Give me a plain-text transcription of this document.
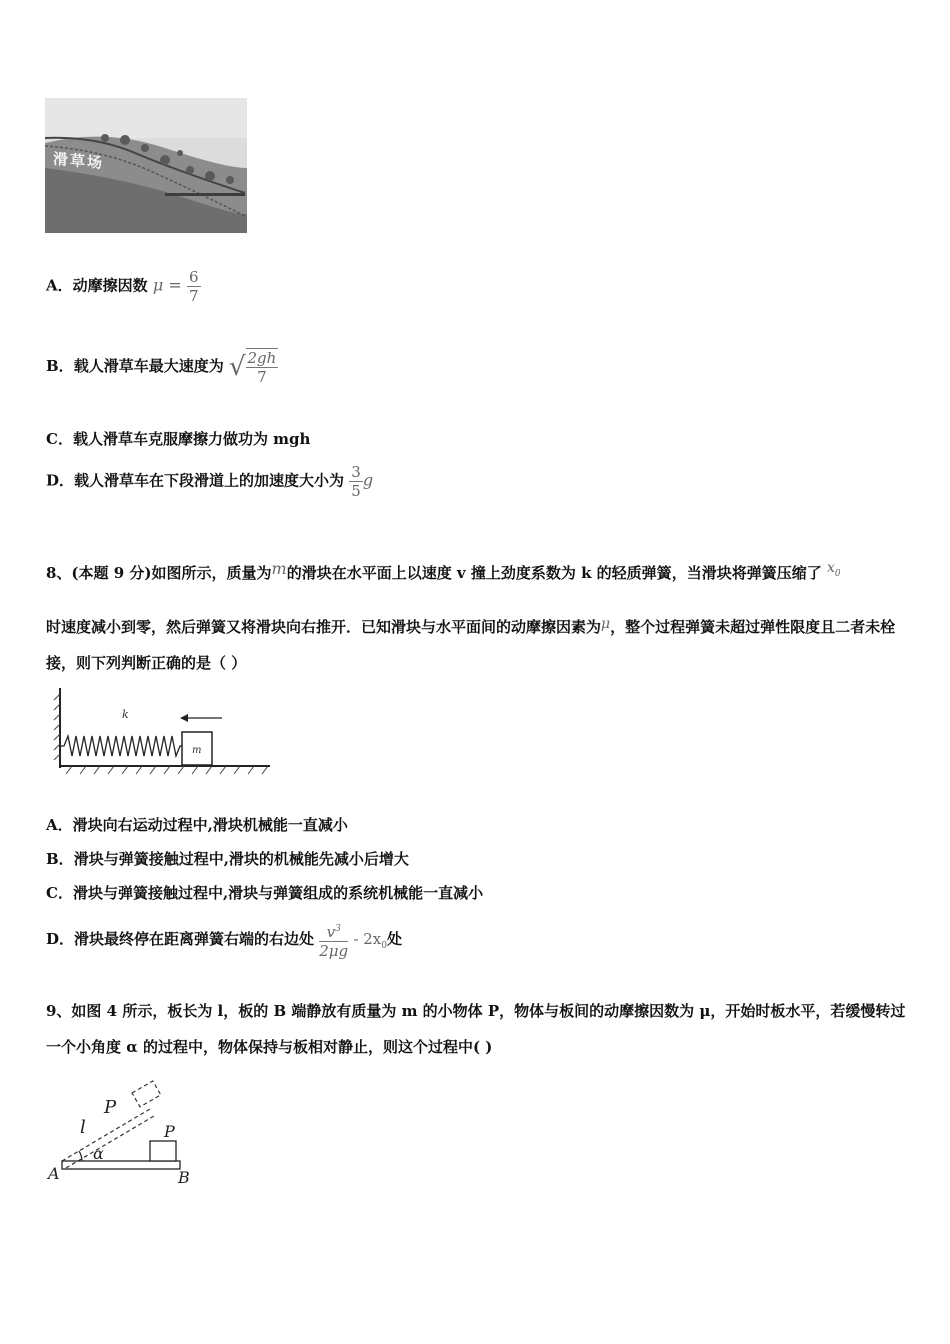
滑草场
A．动摩擦因数 $\mu = \frac{6}{7}$
B．载人滑草车最大速度为 √ $\frac{2gh}{7}$
C．载人滑草车克服摩擦力做功为 mgh
D．载人滑草车在下段滑道上的加速度大小为 $\frac{3}{5}$ g
8、(本题 9 分)如图所示，质量为m的滑块在水平面上以速度 v 撞上劲度系数为 k 的轻质弹簧，当滑块将弹簧压缩了 $x_0$
时速度减小到零，然后弹簧又将滑块向右推开．已知滑块与水平面间的动摩擦因素为μ，整个过程弹簧未超过弹性限度且二者未栓接，则下列判断正确的是（ ）
k
m
A．滑块向右运动过程中,滑块机械能一直减小
B．滑块与弹簧接触过程中,滑块的机械能先减小后增大
C．滑块与弹簧接触过程中,滑块与弹簧组成的系统机械能一直减小
D．滑块最终停在距离弹簧右端的右边处 $\frac{v^3}{2\mu g} - 2x_0$处
9、如图 4 所示，板长为 l，板的 B 端静放有质量为 m 的小物体 P，物体与板间的动摩擦因数为 μ，开始时板水平，若缓慢转过一个小角度 α 的过程中，物体保持与板相对静止，则这个过程中( )
P
l
α
P
A	B
